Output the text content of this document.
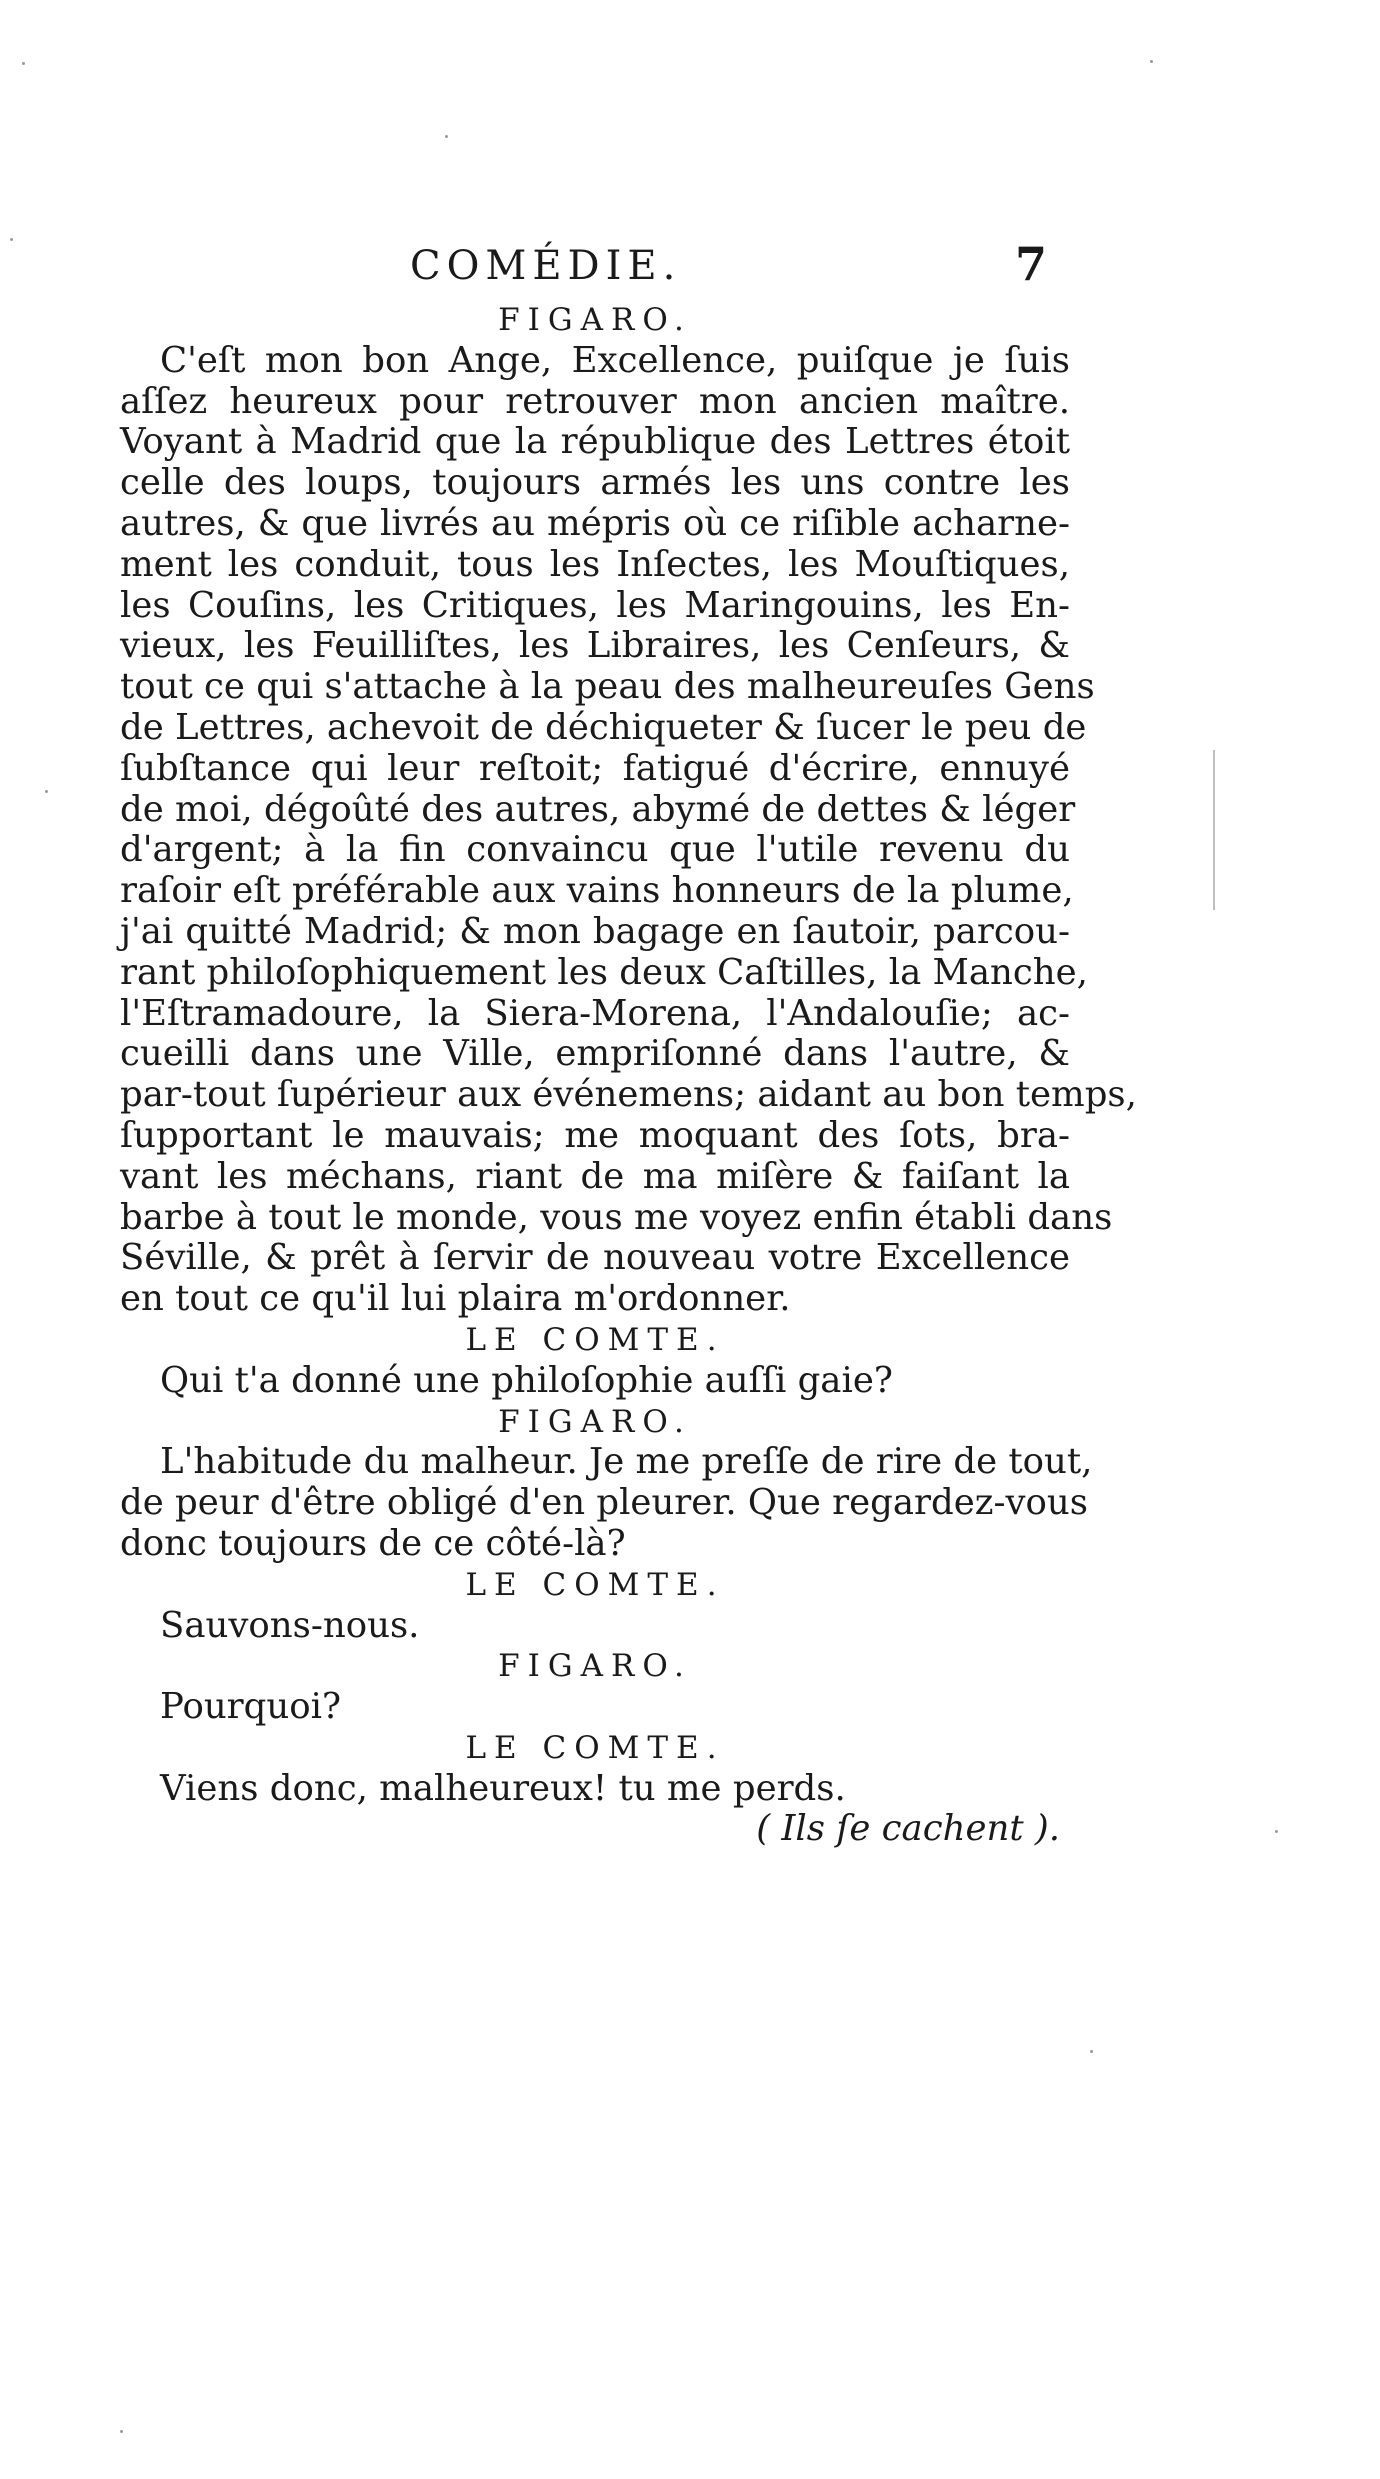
COMÉDIE.	7
FIGARO.
C'eſt mon bon Ange, Excellence, puiſque je ſuis
aſſez heureux pour retrouver mon ancien maître.
Voyant à Madrid que la république des Lettres étoit
celle des loups, toujours armés les uns contre les
autres, & que livrés au mépris où ce riſible acharne-
ment les conduit, tous les Inſectes, les Mouſtiques,
les Couſins, les Critiques, les Maringouins, les En-
vieux, les Feuilliſtes, les Libraires, les Cenſeurs, &
tout ce qui s'attache à la peau des malheureuſes Gens
de Lettres, achevoit de déchiqueter & ſucer le peu de
ſubſtance qui leur reſtoit; fatigué d'écrire, ennuyé
de moi, dégoûté des autres, abymé de dettes & léger
d'argent; à la fin convaincu que l'utile revenu du
raſoir eſt préférable aux vains honneurs de la plume,
j'ai quitté Madrid; & mon bagage en ſautoir, parcou-
rant philoſophiquement les deux Caſtilles, la Manche,
l'Eſtramadoure, la Siera-Morena, l'Andalouſie; ac-
cueilli dans une Ville, empriſonné dans l'autre, &
par-tout ſupérieur aux événemens; aidant au bon temps,
ſupportant le mauvais; me moquant des ſots, bra-
vant les méchans, riant de ma miſère & faiſant la
barbe à tout le monde, vous me voyez enfin établi dans
Séville, & prêt à ſervir de nouveau votre Excellence
en tout ce qu'il lui plaira m'ordonner.
LE COMTE.
Qui t'a donné une philoſophie auſſi gaie?
FIGARO.
L'habitude du malheur. Je me preſſe de rire de tout,
de peur d'être obligé d'en pleurer. Que regardez-vous
donc toujours de ce côté-là?
LE COMTE.
Sauvons-nous.
FIGARO.
Pourquoi?
LE COMTE.
Viens donc, malheureux! tu me perds.
( Ils ſe cachent ).
